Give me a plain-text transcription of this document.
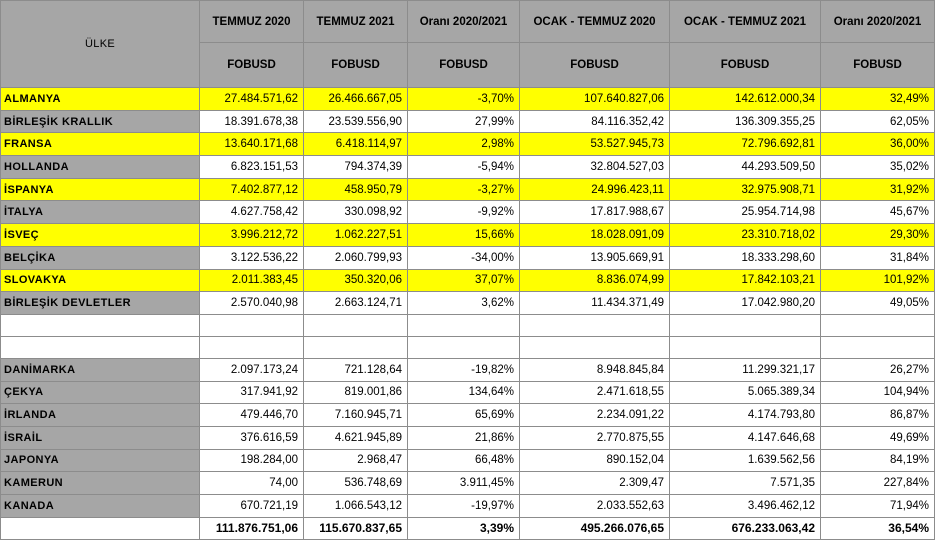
ÜLKE	TEMMUZ 2020	TEMMUZ 2021	Oranı 2020/2021	OCAK - TEMMUZ 2020	OCAK - TEMMUZ 2021	Oranı 2020/2021
	FOBUSD	FOBUSD	FOBUSD	FOBUSD	FOBUSD	FOBUSD
ALMANYA	27.484.571,62	26.466.667,05	-3,70%	107.640.827,06	142.612.000,34	32,49%
BİRLEŞİK KRALLIK	18.391.678,38	23.539.556,90	27,99%	84.116.352,42	136.309.355,25	62,05%
FRANSA	13.640.171,68	6.418.114,97	2,98%	53.527.945,73	72.796.692,81	36,00%
HOLLANDA	6.823.151,53	794.374,39	-5,94%	32.804.527,03	44.293.509,50	35,02%
İSPANYA	7.402.877,12	458.950,79	-3,27%	24.996.423,11	32.975.908,71	31,92%
İTALYA	4.627.758,42	330.098,92	-9,92%	17.817.988,67	25.954.714,98	45,67%
İSVEÇ	3.996.212,72	1.062.227,51	15,66%	18.028.091,09	23.310.718,02	29,30%
BELÇİKA	3.122.536,22	2.060.799,93	-34,00%	13.905.669,91	18.333.298,60	31,84%
SLOVAKYA	2.011.383,45	350.320,06	37,07%	8.836.074,99	17.842.103,21	101,92%
BİRLEŞİK DEVLETLER	2.570.040,98	2.663.124,71	3,62%	11.434.371,49	17.042.980,20	49,05%

DANİMARKA	2.097.173,24	721.128,64	-19,82%	8.948.845,84	11.299.321,17	26,27%
ÇEKYA	317.941,92	819.001,86	134,64%	2.471.618,55	5.065.389,34	104,94%
İRLANDA	479.446,70	7.160.945,71	65,69%	2.234.091,22	4.174.793,80	86,87%
İSRAİL	376.616,59	4.621.945,89	21,86%	2.770.875,55	4.147.646,68	49,69%
JAPONYA	198.284,00	2.968,47	66,48%	890.152,04	1.639.562,56	84,19%
KAMERUN	74,00	536.748,69	3.911,45%	2.309,47	7.571,35	227,84%
KANADA	670.721,19	1.066.543,12	-19,97%	2.033.552,63	3.496.462,12	71,94%
	111.876.751,06	115.670.837,65	3,39%	495.266.076,65	676.233.063,42	36,54%
